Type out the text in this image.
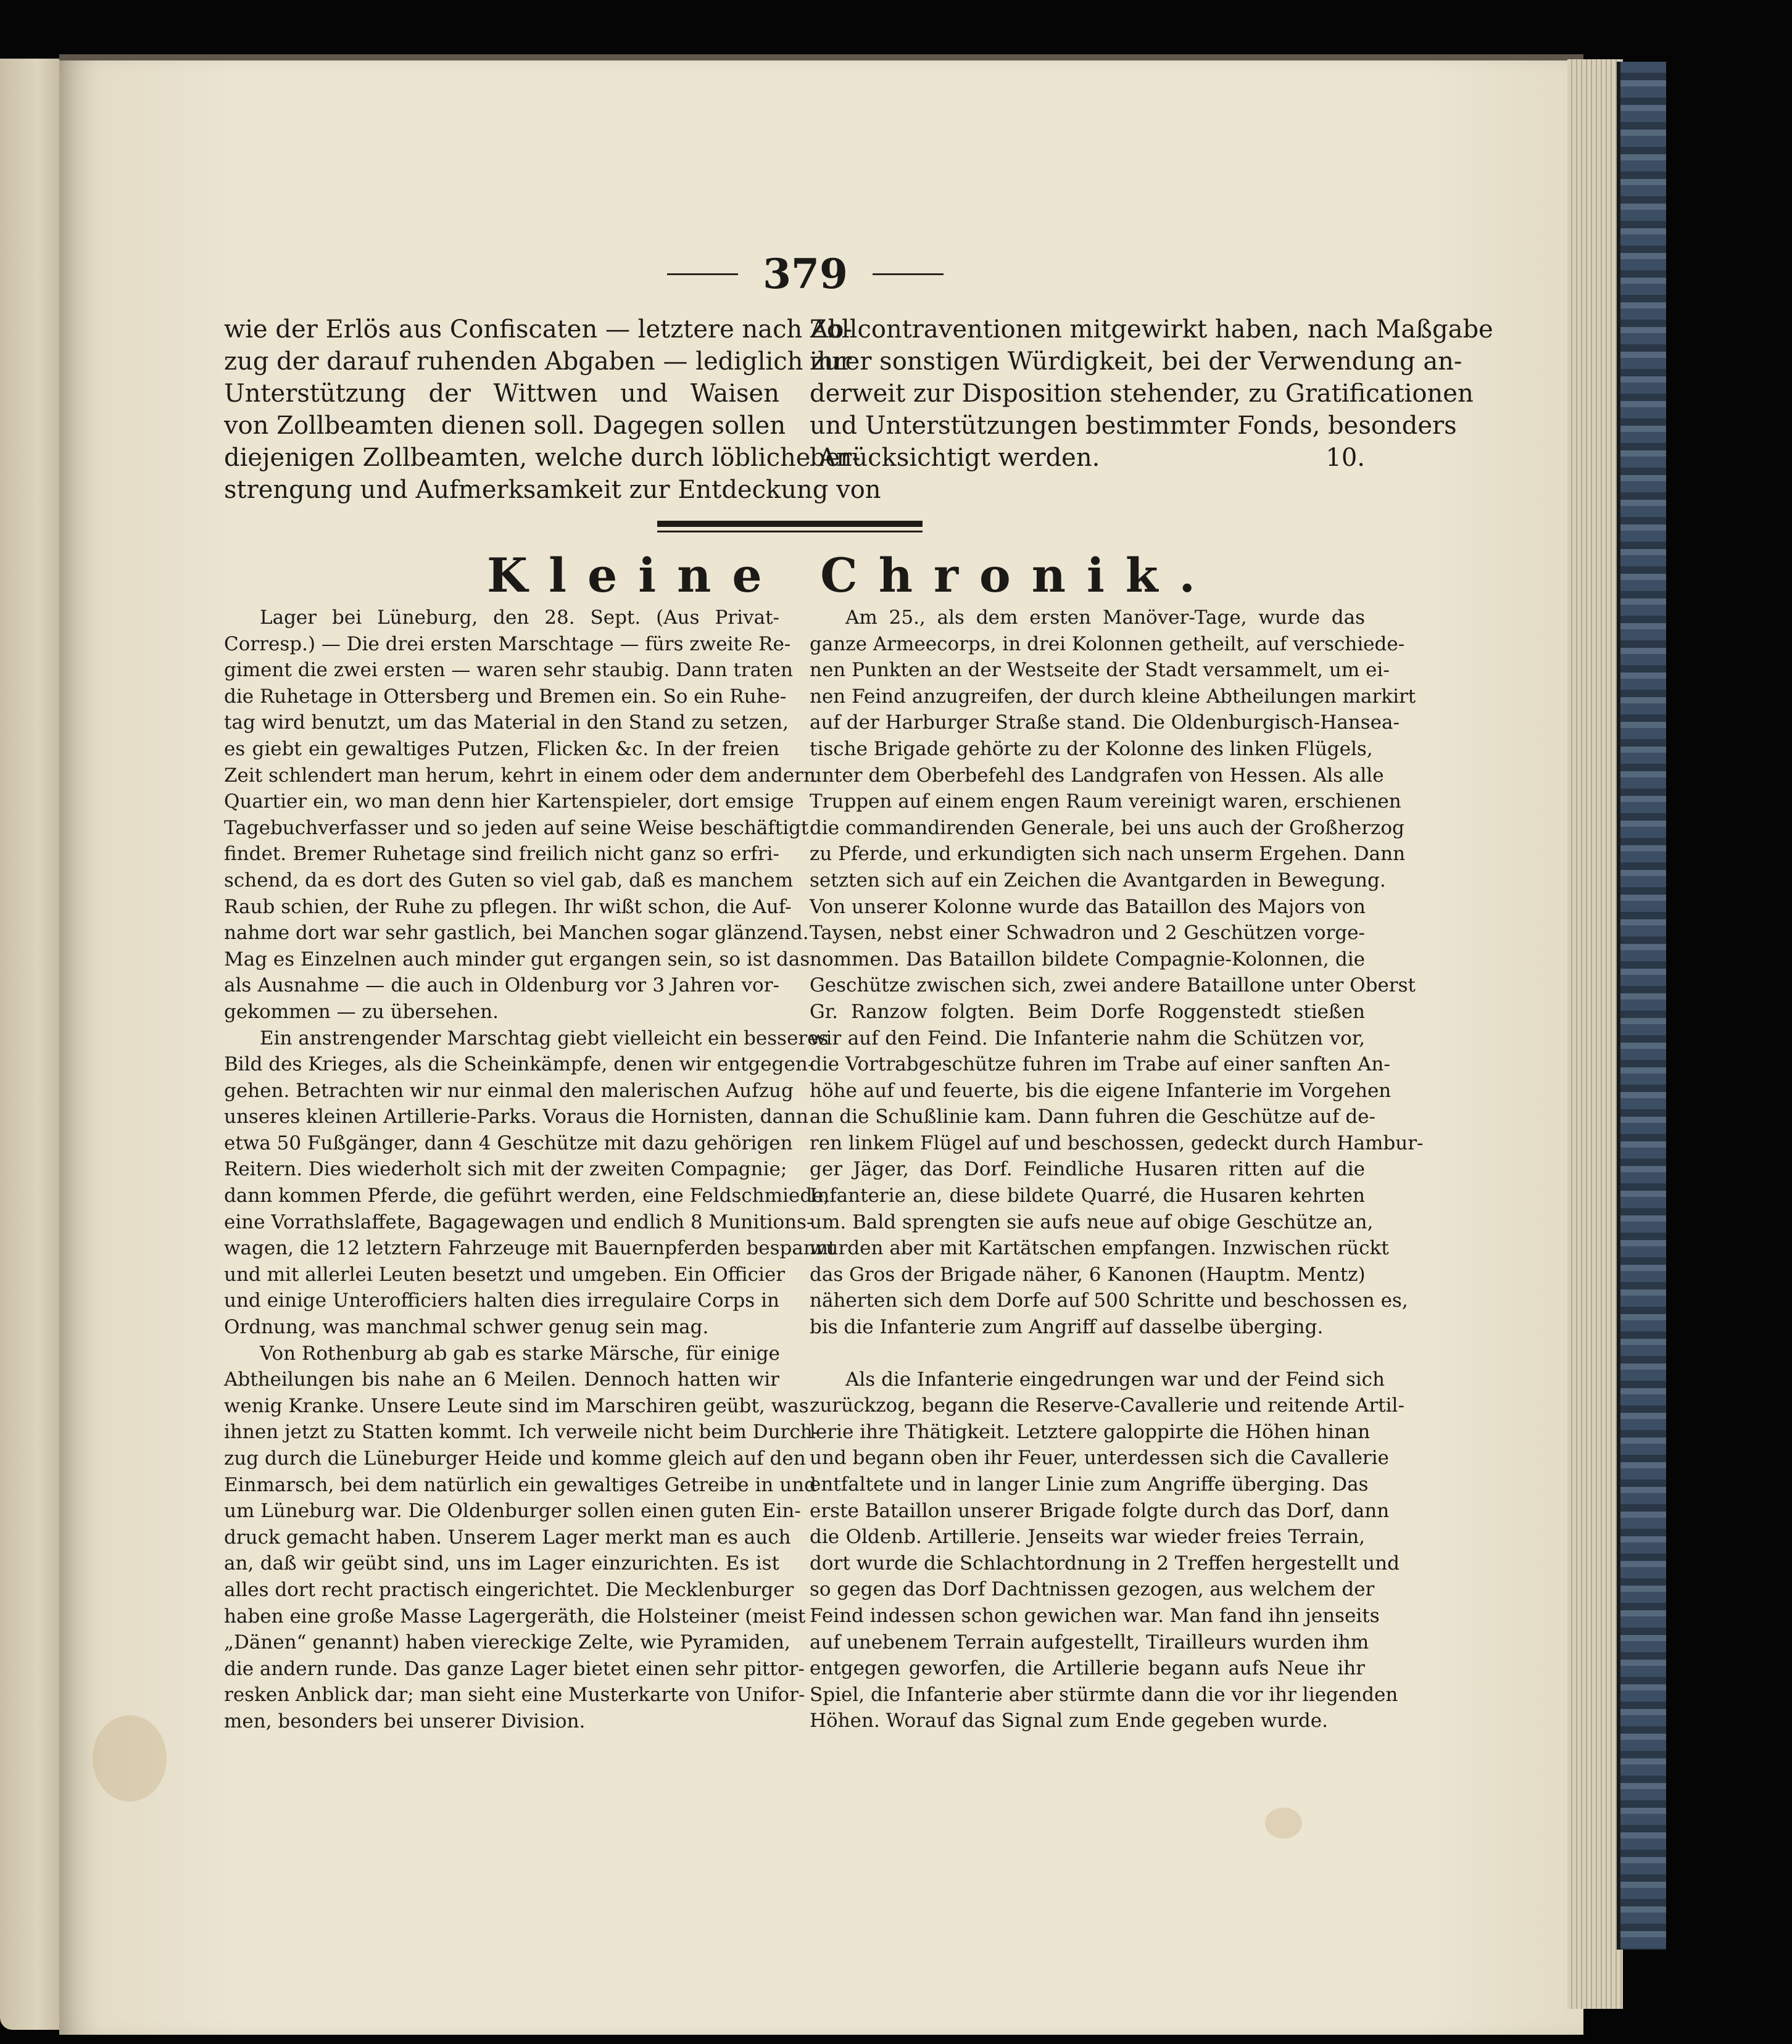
379
wie der Erlös aus Confiscaten — letztere nach Ab-
zug der darauf ruhenden Abgaben — lediglich zur
Unterstützung der Wittwen und Waisen
von Zollbeamten dienen soll. Dagegen sollen
diejenigen Zollbeamten, welche durch löbliche An-
strengung und Aufmerksamkeit zur Entdeckung von
Zollcontraventionen mitgewirkt haben, nach Maßgabe
ihrer sonstigen Würdigkeit, bei der Verwendung an-
derweit zur Disposition stehender, zu Gratificationen
und Unterstützungen bestimmter Fonds, besonders
berücksichtigt werden.	10.
Kleine Chronik.
Lager bei Lüneburg, den 28. Sept. (Aus Privat-
Corresp.) — Die drei ersten Marschtage — fürs zweite Re-
giment die zwei ersten — waren sehr staubig. Dann traten
die Ruhetage in Ottersberg und Bremen ein. So ein Ruhe-
tag wird benutzt, um das Material in den Stand zu setzen,
es giebt ein gewaltiges Putzen, Flicken &c. In der freien
Zeit schlendert man herum, kehrt in einem oder dem andern
Quartier ein, wo man denn hier Kartenspieler, dort emsige
Tagebuchverfasser und so jeden auf seine Weise beschäftigt
findet. Bremer Ruhetage sind freilich nicht ganz so erfri-
schend, da es dort des Guten so viel gab, daß es manchem
Raub schien, der Ruhe zu pflegen. Ihr wißt schon, die Auf-
nahme dort war sehr gastlich, bei Manchen sogar glänzend.
Mag es Einzelnen auch minder gut ergangen sein, so ist das
als Ausnahme — die auch in Oldenburg vor 3 Jahren vor-
gekommen — zu übersehen.
Ein anstrengender Marschtag giebt vielleicht ein besseres
Bild des Krieges, als die Scheinkämpfe, denen wir entgegen-
gehen. Betrachten wir nur einmal den malerischen Aufzug
unseres kleinen Artillerie-Parks. Voraus die Hornisten, dann
etwa 50 Fußgänger, dann 4 Geschütze mit dazu gehörigen
Reitern. Dies wiederholt sich mit der zweiten Compagnie;
dann kommen Pferde, die geführt werden, eine Feldschmiede,
eine Vorrathslaffete, Bagagewagen und endlich 8 Munitions-
wagen, die 12 letztern Fahrzeuge mit Bauernpferden bespannt
und mit allerlei Leuten besetzt und umgeben. Ein Officier
und einige Unterofficiers halten dies irregulaire Corps in
Ordnung, was manchmal schwer genug sein mag.
Von Rothenburg ab gab es starke Märsche, für einige
Abtheilungen bis nahe an 6 Meilen. Dennoch hatten wir
wenig Kranke. Unsere Leute sind im Marschiren geübt, was
ihnen jetzt zu Statten kommt. Ich verweile nicht beim Durch-
zug durch die Lüneburger Heide und komme gleich auf den
Einmarsch, bei dem natürlich ein gewaltiges Getreibe in und
um Lüneburg war. Die Oldenburger sollen einen guten Ein-
druck gemacht haben. Unserem Lager merkt man es auch
an, daß wir geübt sind, uns im Lager einzurichten. Es ist
alles dort recht practisch eingerichtet. Die Mecklenburger
haben eine große Masse Lagergeräth, die Holsteiner (meist
„Dänen“ genannt) haben viereckige Zelte, wie Pyramiden,
die andern runde. Das ganze Lager bietet einen sehr pittor-
resken Anblick dar; man sieht eine Musterkarte von Unifor-
men, besonders bei unserer Division.
Am 25., als dem ersten Manöver-Tage, wurde das
ganze Armeecorps, in drei Kolonnen getheilt, auf verschiede-
nen Punkten an der Westseite der Stadt versammelt, um ei-
nen Feind anzugreifen, der durch kleine Abtheilungen markirt
auf der Harburger Straße stand. Die Oldenburgisch-Hansea-
tische Brigade gehörte zu der Kolonne des linken Flügels,
unter dem Oberbefehl des Landgrafen von Hessen. Als alle
Truppen auf einem engen Raum vereinigt waren, erschienen
die commandirenden Generale, bei uns auch der Großherzog
zu Pferde, und erkundigten sich nach unserm Ergehen. Dann
setzten sich auf ein Zeichen die Avantgarden in Bewegung.
Von unserer Kolonne wurde das Bataillon des Majors von
Taysen, nebst einer Schwadron und 2 Geschützen vorge-
nommen. Das Bataillon bildete Compagnie-Kolonnen, die
Geschütze zwischen sich, zwei andere Bataillone unter Oberst
Gr. Ranzow folgten. Beim Dorfe Roggenstedt stießen
wir auf den Feind. Die Infanterie nahm die Schützen vor,
die Vortrabgeschütze fuhren im Trabe auf einer sanften An-
höhe auf und feuerte, bis die eigene Infanterie im Vorgehen
an die Schußlinie kam. Dann fuhren die Geschütze auf de-
ren linkem Flügel auf und beschossen, gedeckt durch Hambur-
ger Jäger, das Dorf. Feindliche Husaren ritten auf die
Infanterie an, diese bildete Quarré, die Husaren kehrten
um. Bald sprengten sie aufs neue auf obige Geschütze an,
wurden aber mit Kartätschen empfangen. Inzwischen rückt
das Gros der Brigade näher, 6 Kanonen (Hauptm. Mentz)
näherten sich dem Dorfe auf 500 Schritte und beschossen es,
bis die Infanterie zum Angriff auf dasselbe überging.
Als die Infanterie eingedrungen war und der Feind sich
zurückzog, begann die Reserve-Cavallerie und reitende Artil-
lerie ihre Thätigkeit. Letztere galoppirte die Höhen hinan
und begann oben ihr Feuer, unterdessen sich die Cavallerie
entfaltete und in langer Linie zum Angriffe überging. Das
erste Bataillon unserer Brigade folgte durch das Dorf, dann
die Oldenb. Artillerie. Jenseits war wieder freies Terrain,
dort wurde die Schlachtordnung in 2 Treffen hergestellt und
so gegen das Dorf Dachtnissen gezogen, aus welchem der
Feind indessen schon gewichen war. Man fand ihn jenseits
auf unebenem Terrain aufgestellt, Tirailleurs wurden ihm
entgegen geworfen, die Artillerie begann aufs Neue ihr
Spiel, die Infanterie aber stürmte dann die vor ihr liegenden
Höhen. Worauf das Signal zum Ende gegeben wurde.
